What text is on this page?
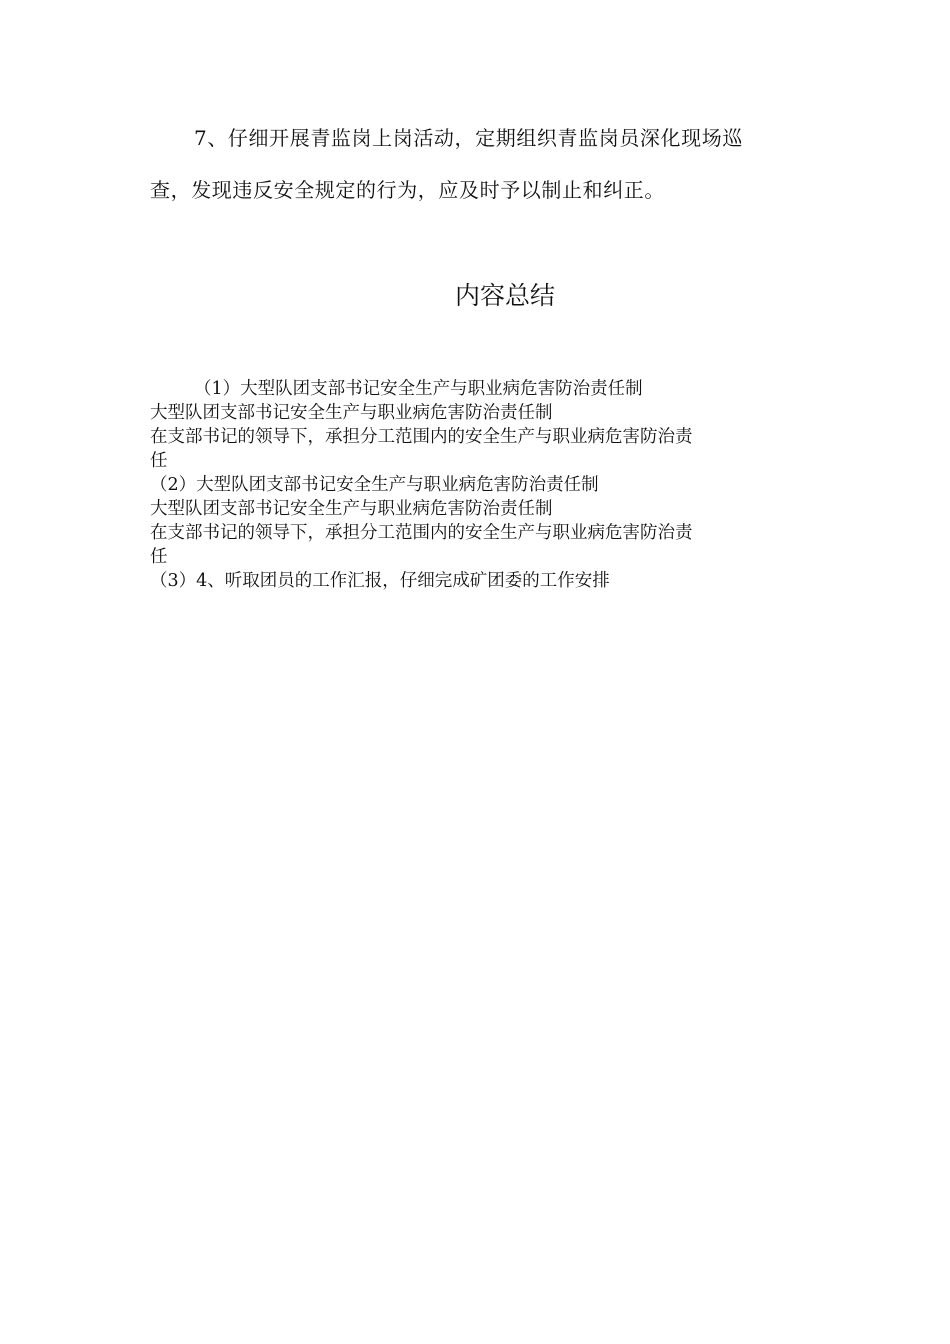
7、仔细开展青监岗上岗活动，定期组织青监岗员深化现场巡
查，发现违反安全规定的行为，应及时予以制止和纠正。
内容总结
（1）大型队团支部书记安全生产与职业病危害防治责任制
大型队团支部书记安全生产与职业病危害防治责任制
在支部书记的领导下，承担分工范围内的安全生产与职业病危害防治责
任
（2）大型队团支部书记安全生产与职业病危害防治责任制
大型队团支部书记安全生产与职业病危害防治责任制
在支部书记的领导下，承担分工范围内的安全生产与职业病危害防治责
任
（3）4、听取团员的工作汇报，仔细完成矿团委的工作安排
